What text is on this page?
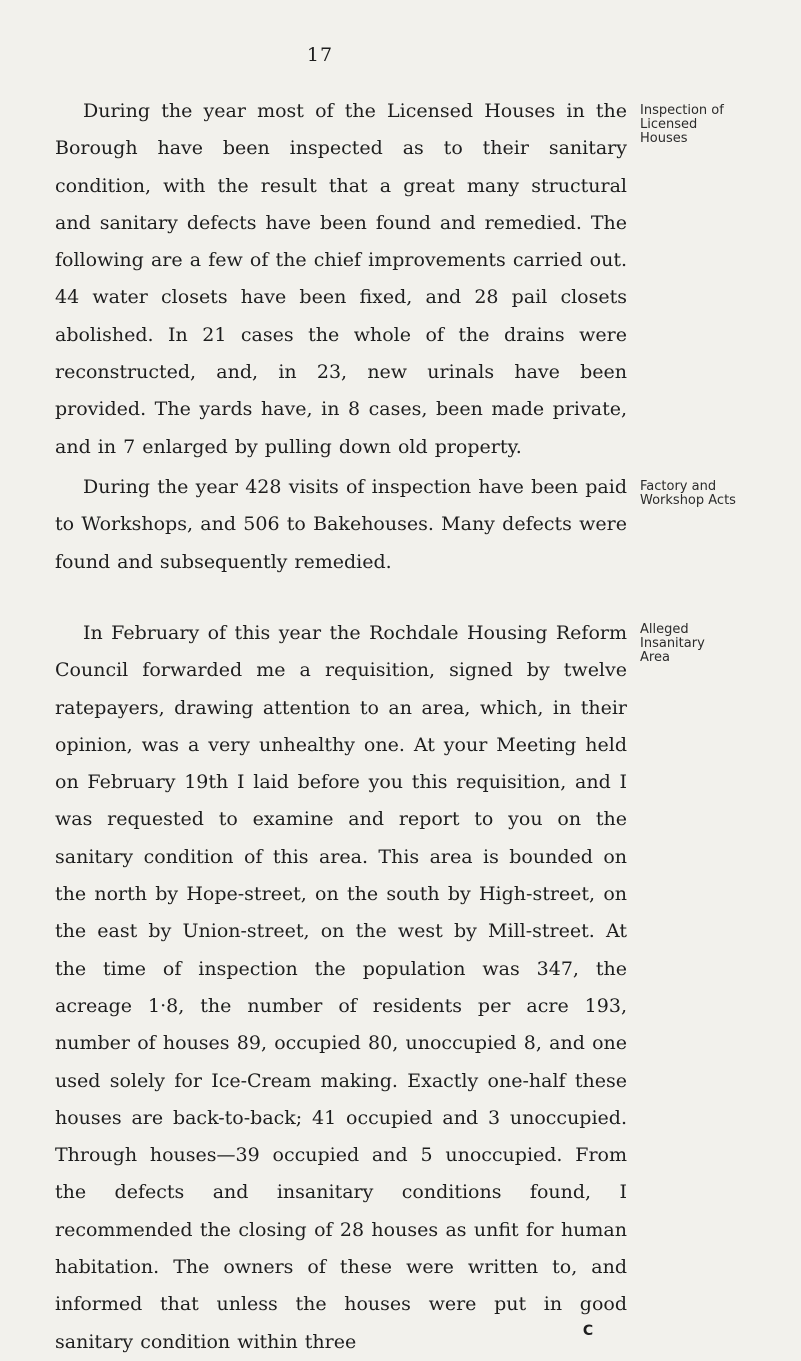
17

During the year most of the Licensed Houses in the Borough have been inspected as to their sanitary condition, with the result that a great many structural and sanitary defects have been found and remedied. The following are a few of the chief improvements carried out. 44 water closets have been fixed, and 28 pail closets abolished. In 21 cases the whole of the drains were reconstructed, and, in 23, new urinals have been provided. The yards have, in 8 cases, been made private, and in 7 enlarged by pulling down old property.

During the year 428 visits of inspection have been paid to Workshops, and 506 to Bakehouses. Many defects were found and subsequently remedied.

In February of this year the Rochdale Housing Reform Council forwarded me a requisition, signed by twelve ratepayers, drawing attention to an area, which, in their opinion, was a very unhealthy one. At your Meeting held on February 19th I laid before you this requisition, and I was requested to examine and report to you on the sanitary condition of this area. This area is bounded on the north by Hope-street, on the south by High-street, on the east by Union-street, on the west by Mill-street. At the time of inspection the population was 347, the acreage 1·8, the number of residents per acre 193, number of houses 89, occupied 80, unoccupied 8, and one used solely for Ice-Cream making. Exactly one-half these houses are back-to-back; 41 occupied and 3 unoccupied. Through houses—39 occupied and 5 unoccupied. From the defects and insanitary conditions found, I recommended the closing of 28 houses as unfit for human habitation. The owners of these were written to, and informed that unless the houses were put in good sanitary condition within three

Inspection of
Licensed
Houses
Factory and
Workshop Acts
Alleged
Insanitary
Area
C
